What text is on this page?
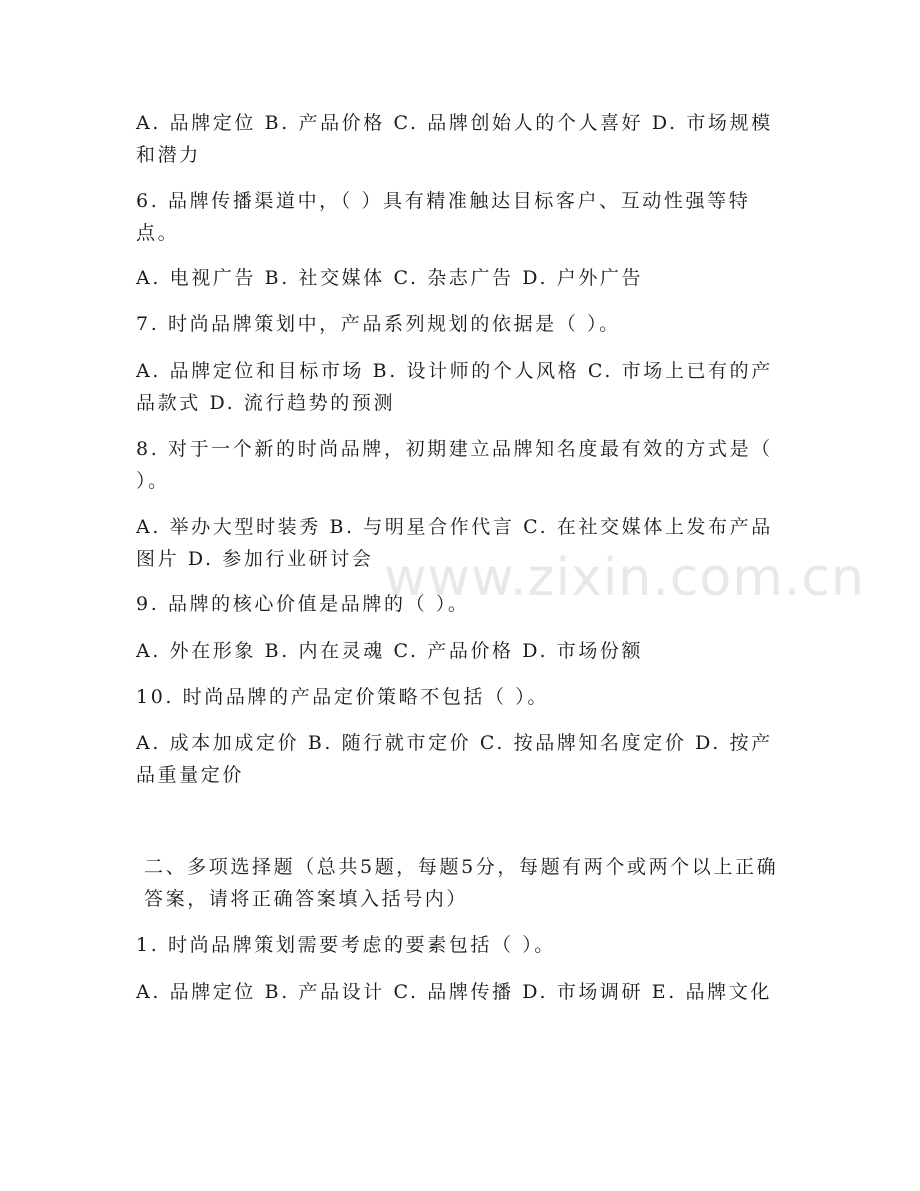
A. 品牌定位 B. 产品价格 C. 品牌创始人的个人喜好 D. 市场规模和潜力
6. 品牌传播渠道中，（ ）具有精准触达目标客户、互动性强等特点。
A. 电视广告 B. 社交媒体 C. 杂志广告 D. 户外广告
7. 时尚品牌策划中，产品系列规划的依据是（ ）。
A. 品牌定位和目标市场 B. 设计师的个人风格 C. 市场上已有的产品款式 D. 流行趋势的预测
8. 对于一个新的时尚品牌，初期建立品牌知名度最有效的方式是（ ）。
A. 举办大型时装秀 B. 与明星合作代言 C. 在社交媒体上发布产品图片 D. 参加行业研讨会
9. 品牌的核心价值是品牌的（ ）。
A. 外在形象 B. 内在灵魂 C. 产品价格 D. 市场份额
10. 时尚品牌的产品定价策略不包括（ ）。
A. 成本加成定价 B. 随行就市定价 C. 按品牌知名度定价 D. 按产品重量定价
二、多项选择题（总共5题，每题5分，每题有两个或两个以上正确答案，请将正确答案填入括号内）
1. 时尚品牌策划需要考虑的要素包括（ ）。
A. 品牌定位 B. 产品设计 C. 品牌传播 D. 市场调研 E. 品牌文化
www.zixin.com.cn
